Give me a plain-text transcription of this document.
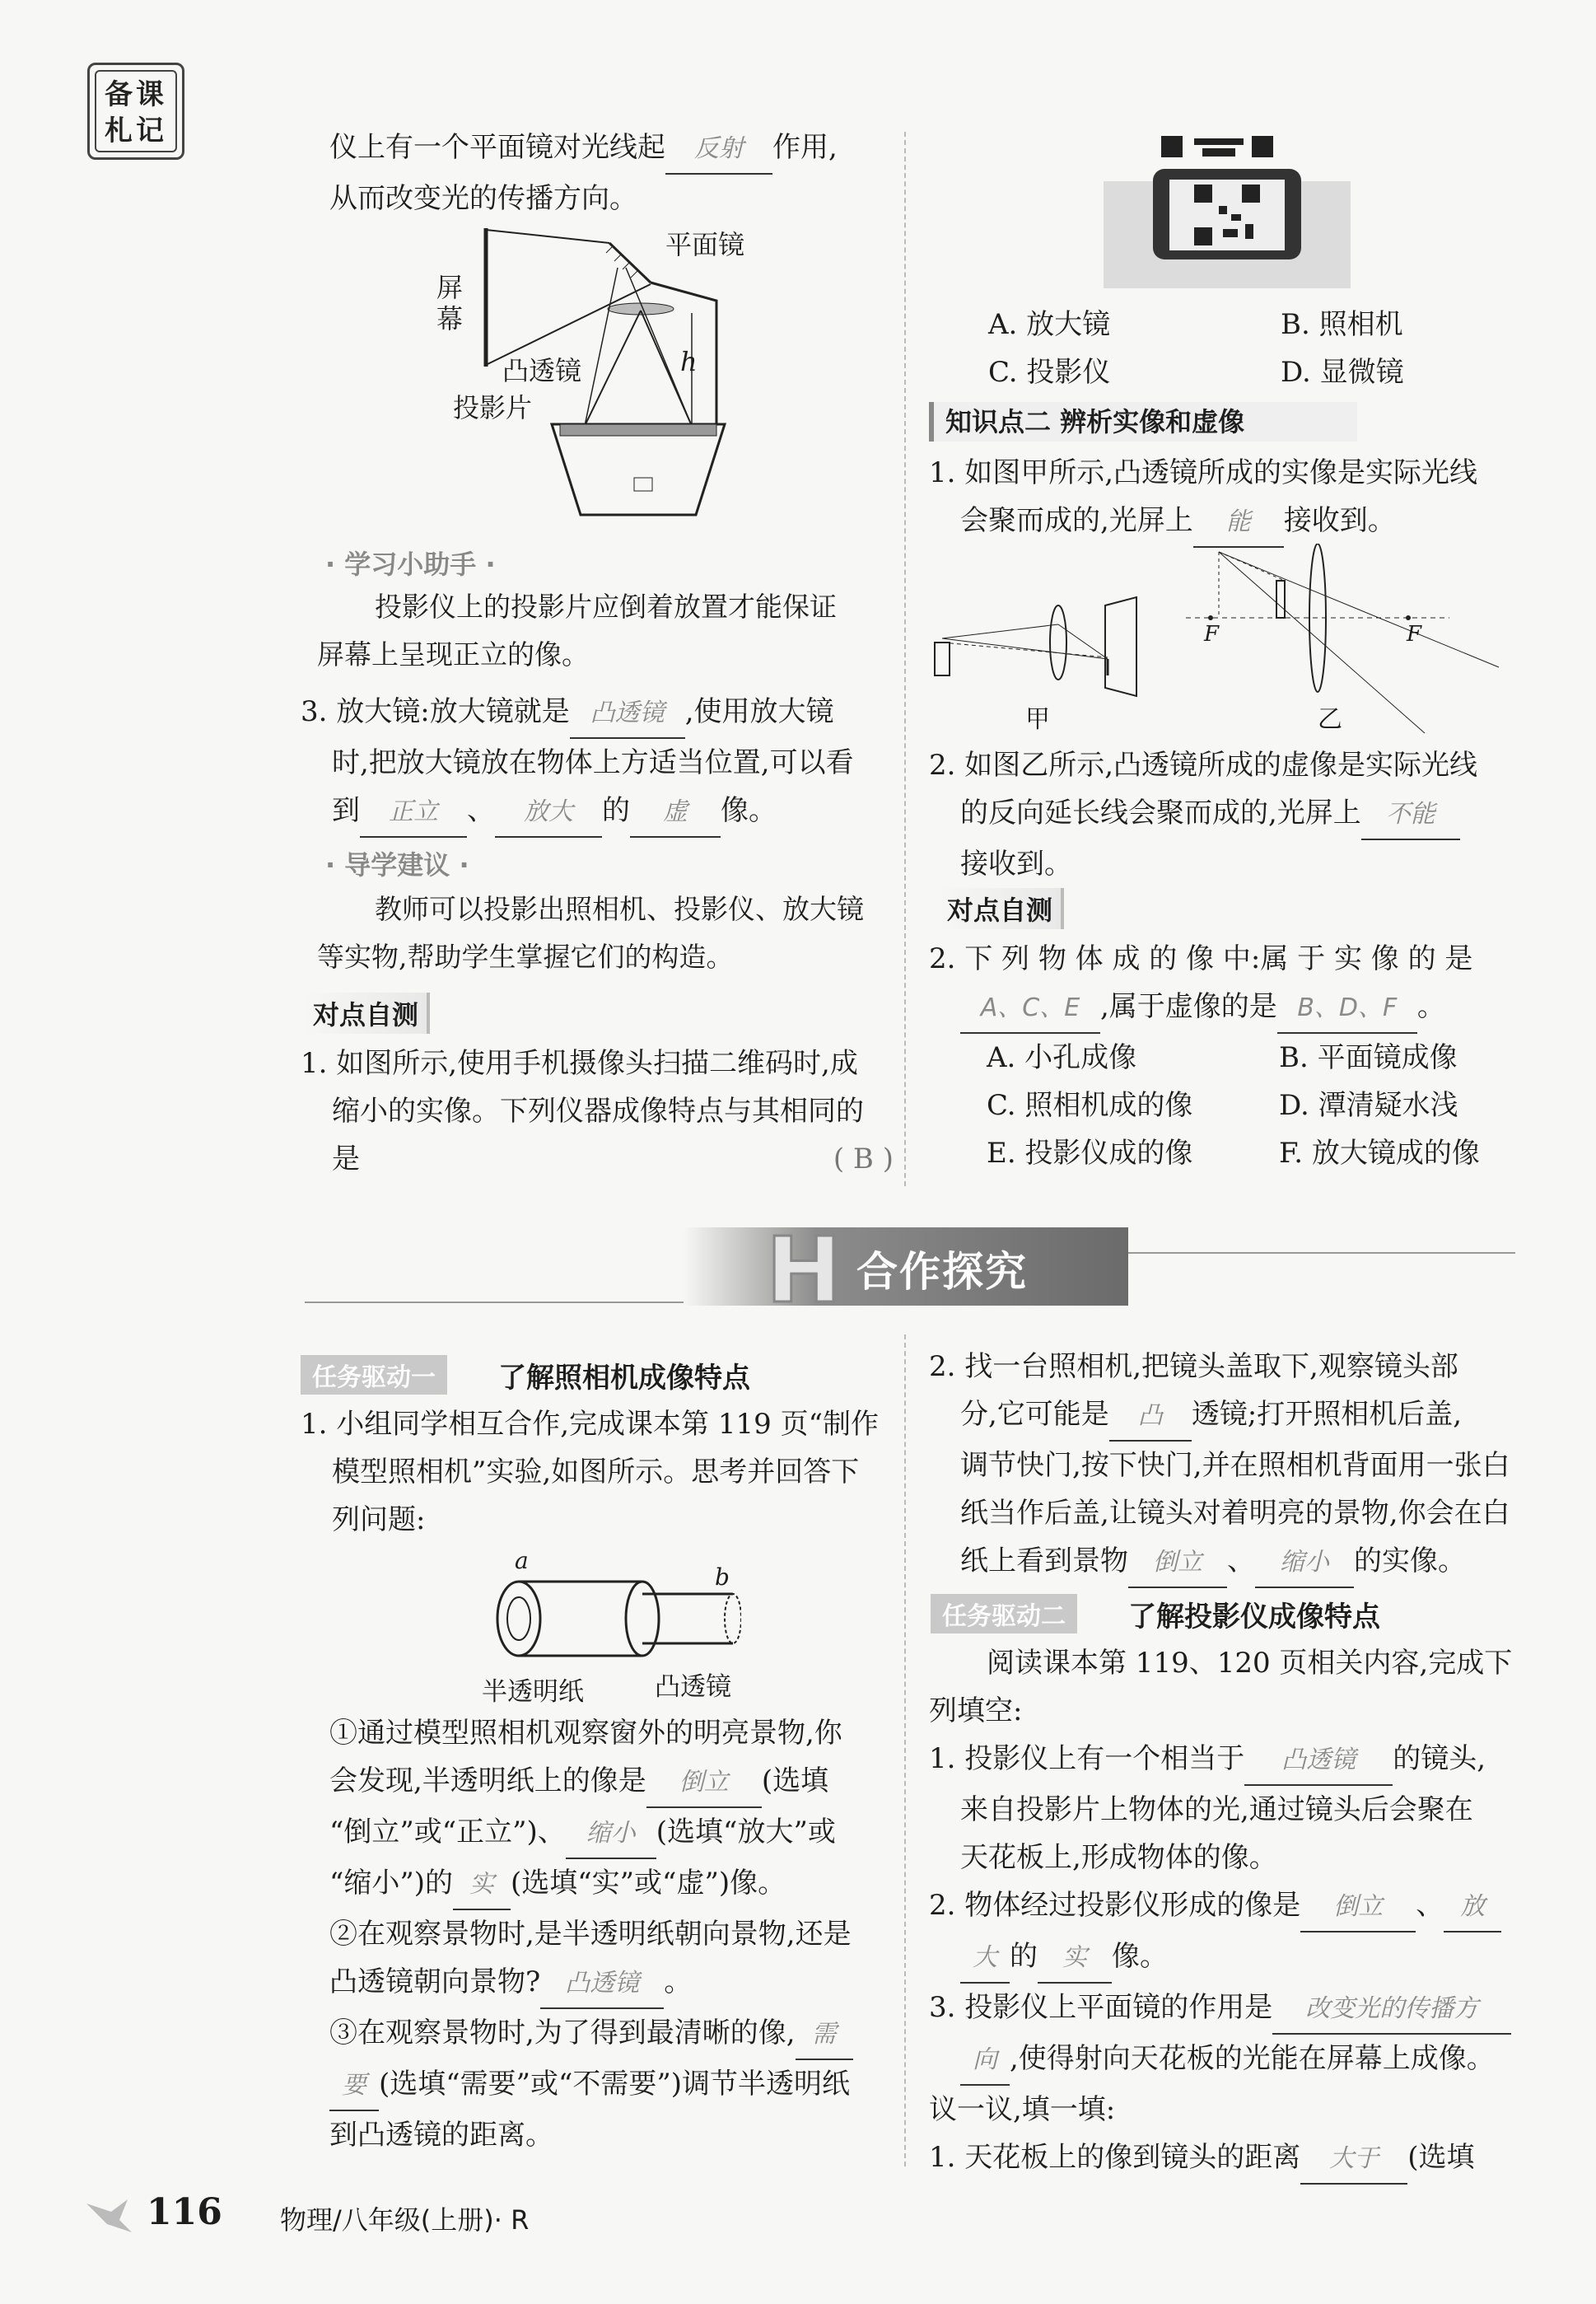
备课札记	仪上有一个平面镜对光线起 反射 作用,
从而改变光的传播方向。
平面镜
屏幕
凸透镜	h
投影片
· 学习小助手 ·
投影仪上的投影片应倒着放置才能保证
屏幕上呈现正立的像。
3. 放大镜:放大镜就是 凸透镜 ,使用放大镜
时,把放大镜放在物体上方适当位置,可以看
到 正立 、 放大 的 虚 像。
· 导学建议 ·
教师可以投影出照相机、投影仪、放大镜
等实物,帮助学生掌握它们的构造。
对点自测
1. 如图所示,使用手机摄像头扫描二维码时,成
缩小的实像。下列仪器成像特点与其相同的
是	( B )
A. 放大镜	B. 照相机
C. 投影仪	D. 显微镜
知识点二 辨析实像和虚像
1. 如图甲所示,凸透镜所成的实像是实际光线
会聚而成的,光屏上 能 接收到。
甲
F	F
乙
2. 如图乙所示,凸透镜所成的虚像是实际光线
的反向延长线会聚而成的,光屏上 不能
接收到。
对点自测
2. 下 列 物 体 成 的 像 中:属 于 实 像 的 是
A、C、E ,属于虚像的是 B、D、F 。
A. 小孔成像	B. 平面镜成像
C. 照相机成的像	D. 潭清疑水浅
E. 投影仪成的像	F. 放大镜成的像
H 合作探究
任务驱动一	了解照相机成像特点
1. 小组同学相互合作,完成课本第 119 页“制作
模型照相机”实验,如图所示。思考并回答下
列问题:
a
b
半透明纸	凸透镜
①通过模型照相机观察窗外的明亮景物,你
会发现,半透明纸上的像是 倒立 (选填
“倒立”或“正立”)、 缩小 (选填“放大”或
“缩小”)的 实 (选填“实”或“虚”)像。
②在观察景物时,是半透明纸朝向景物,还是
凸透镜朝向景物? 凸透镜 。
③在观察景物时,为了得到最清晰的像, 需
要 (选填“需要”或“不需要”)调节半透明纸
到凸透镜的距离。
2. 找一台照相机,把镜头盖取下,观察镜头部
分,它可能是 凸 透镜;打开照相机后盖,
调节快门,按下快门,并在照相机背面用一张白
纸当作后盖,让镜头对着明亮的景物,你会在白
纸上看到景物 倒立 、 缩小 的实像。
任务驱动二	了解投影仪成像特点
阅读课本第 119、120 页相关内容,完成下
列填空:
1. 投影仪上有一个相当于 凸透镜 的镜头,
来自投影片上物体的光,通过镜头后会聚在
天花板上,形成物体的像。
2. 物体经过投影仪形成的像是 倒立 、 放
大 的 实 像。
3. 投影仪上平面镜的作用是 改变光的传播方
向 ,使得射向天花板的光能在屏幕上成像。
议一议,填一填:
1. 天花板上的像到镜头的距离 大于 (选填
116 物理/八年级(上册)· R
